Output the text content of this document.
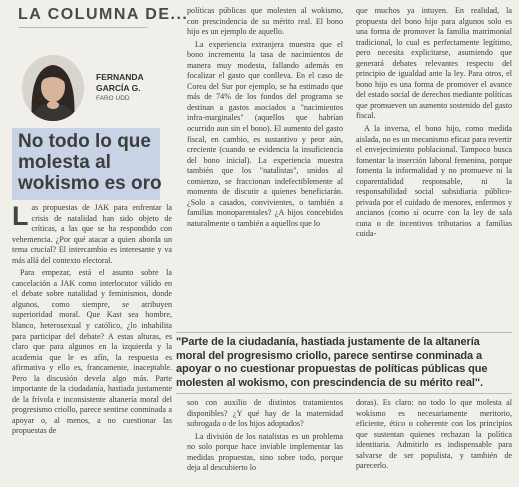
LA COLUMNA DE...
FERNANDA
GARCÍA G.
FARO UDD
No todo lo que molesta al wokismo es oro

Las propuestas de JAK para enfrentar la crisis de natalidad han sido objeto de críticas, a las que se ha respondido con vehemencia. ¿Por qué atacar a quien aborda un tema crucial? El intercambio es interesante y va más allá del contexto electoral.

Para empezar, está el asunto sobre la cancelación a JAK como interlocutor válido en el debate sobre natalidad y feminismos, donde algunos, como siempre, se atribuyen superioridad moral. Que Kast sea hombre, blanco, heterosexual y católico, ¿lo inhabilita para participar del debate? A estas alturas, es claro que para algunos en la izquierda y la academia que le es afín, la respuesta es afirmativa y ello es, francamente, inaceptable. Pero la discusión devela algo más. Parte importante de la ciudadanía, hastiada justamente de la frívola e inconsistente altanería moral del progresismo criollo, parece sentirse conminada a apoyar o, al menos, a no cuestionar las propuestas de

políticas públicas que molesten al wokismo, con prescindencia de su mérito real. El bono hijo es un ejemplo de aquello.

La experiencia extranjera muestra que el bono incrementa la tasa de nacimientos de manera muy modesta, fallando además en focalizar el gasto que conlleva. En el caso de Corea del Sur por ejemplo, se ha estimado que más de 74% de los fondos del programa se destinan a gastos asociados a "nacimientos infra-marginales" (aquellos que habrían ocurrido aun sin el bono). El aumento del gasto fiscal, en cambio, es sustantivo y peor aún, creciente (cuando se evidencia la insuficiencia del bono inicial). La experiencia muestra también que los "natalistas", unidos al comienzo, se fraccionan indefectiblemente al momento de discutir a quienes beneficiarán. ¿Solo a casados, convivientes, o también a familias monoparentales? ¿A hijos concebidos naturalmente o también a aquellos que lo

que muchos ya intuyen. En realidad, la propuesta del bono hijo para algunos solo es una forma de promover la familia matrimonial tradicional, lo cual es perfectamente legítimo, pero necesita explicitarse, asumiendo que generará debates relevantes respecto del principio de igualdad ante la ley. Para otros, el bono hijo es una forma de promover el avance del estado social de derechos mediante políticas que promueven un aumento sostenido del gasto fiscal.

A la inversa, el bono hijo, como medida aislada, no es un mecanismo eficaz para revertir el envejecimiento poblacional. Tampoco busca fomentar la inserción laboral femenina, porque fomenta la informalidad y no promueve ni la coparentalidad responsable, ni la responsabilidad social subsidiaria público-privada por el cuidado de menores, enfermos y ancianos (como sí ocurre con la ley de sala cuna o de incentivos tributarios a familias cuida-

"Parte de la ciudadanía, hastiada justamente de la altanería moral del progresismo criollo, parece sentirse conminada a apoyar o no cuestionar propuestas de políticas públicas que molesten al wokismo, con prescindencia de su mérito real".

son con auxilio de distintos tratamientos disponibles? ¿Y qué hay de la maternidad subrogada o de los hijos adoptados?

La división de los natalistas es un problema no solo porque hace inviable implementar las medidas propuestas, sino sobre todo, porque deja al descubierto lo

doras). Es claro: no todo lo que molesta al wokismo es necesariamente meritorio, eficiente, ético o coherente con los principios que sustentan quienes rechazan la política identitaria. Admitirlo es indispensable para salvarse de ser populista, y también de parecerlo.
